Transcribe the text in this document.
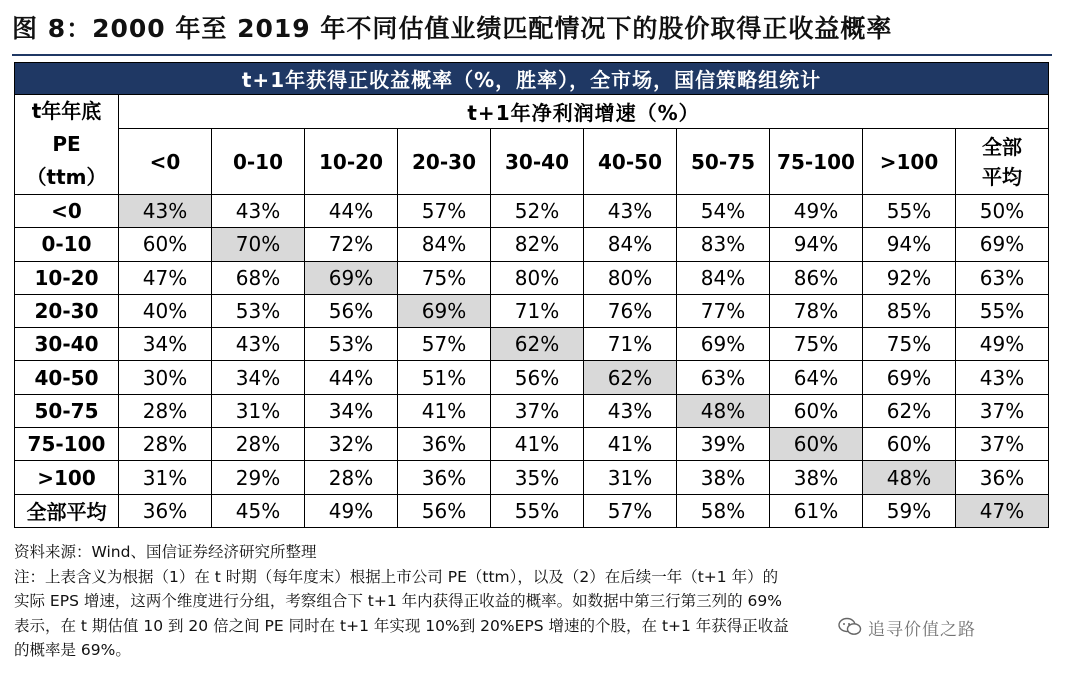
图 8：2000 年至 2019 年不同估值业绩匹配情况下的股价取得正收益概率
t+1年获得正收益概率（%，胜率），全市场，国信策略组统计										

t年年底
PE
（ttm）	t+1年净利润增速（%）									
	<0	0-10	10-20	20-30	30-40	40-50	50-75	75-100	>100	全部
平均
<0	43%	43%	44%	57%	52%	43%	54%	49%	55%	50%
0-10	60%	70%	72%	84%	82%	84%	83%	94%	94%	69%
10-20	47%	68%	69%	75%	80%	80%	84%	86%	92%	63%
20-30	40%	53%	56%	69%	71%	76%	77%	78%	85%	55%
30-40	34%	43%	53%	57%	62%	71%	69%	75%	75%	49%
40-50	30%	34%	44%	51%	56%	62%	63%	64%	69%	43%
50-75	28%	31%	34%	41%	37%	43%	48%	60%	62%	37%
75-100	28%	28%	32%	36%	41%	41%	39%	60%	60%	37%
>100	31%	29%	28%	36%	35%	31%	38%	38%	48%	36%
全部平均	36%	45%	49%	56%	55%	57%	58%	61%	59%	47%

资料来源：Wind、国信证券经济研究所整理

注：上表含义为根据（1）在 t 时期（每年度末）根据上市公司 PE（ttm），以及（2）在后续一年（t+1 年）的

实际 EPS 增速，这两个维度进行分组，考察组合下 t+1 年内获得正收益的概率。如数据中第三行第三列的 69%

表示，在 t 期估值 10 到 20 倍之间 PE 同时在 t+1 年实现 10%到 20%EPS 增速的个股，在 t+1 年获得正收益

的概率是 69%。

追寻价值之路
